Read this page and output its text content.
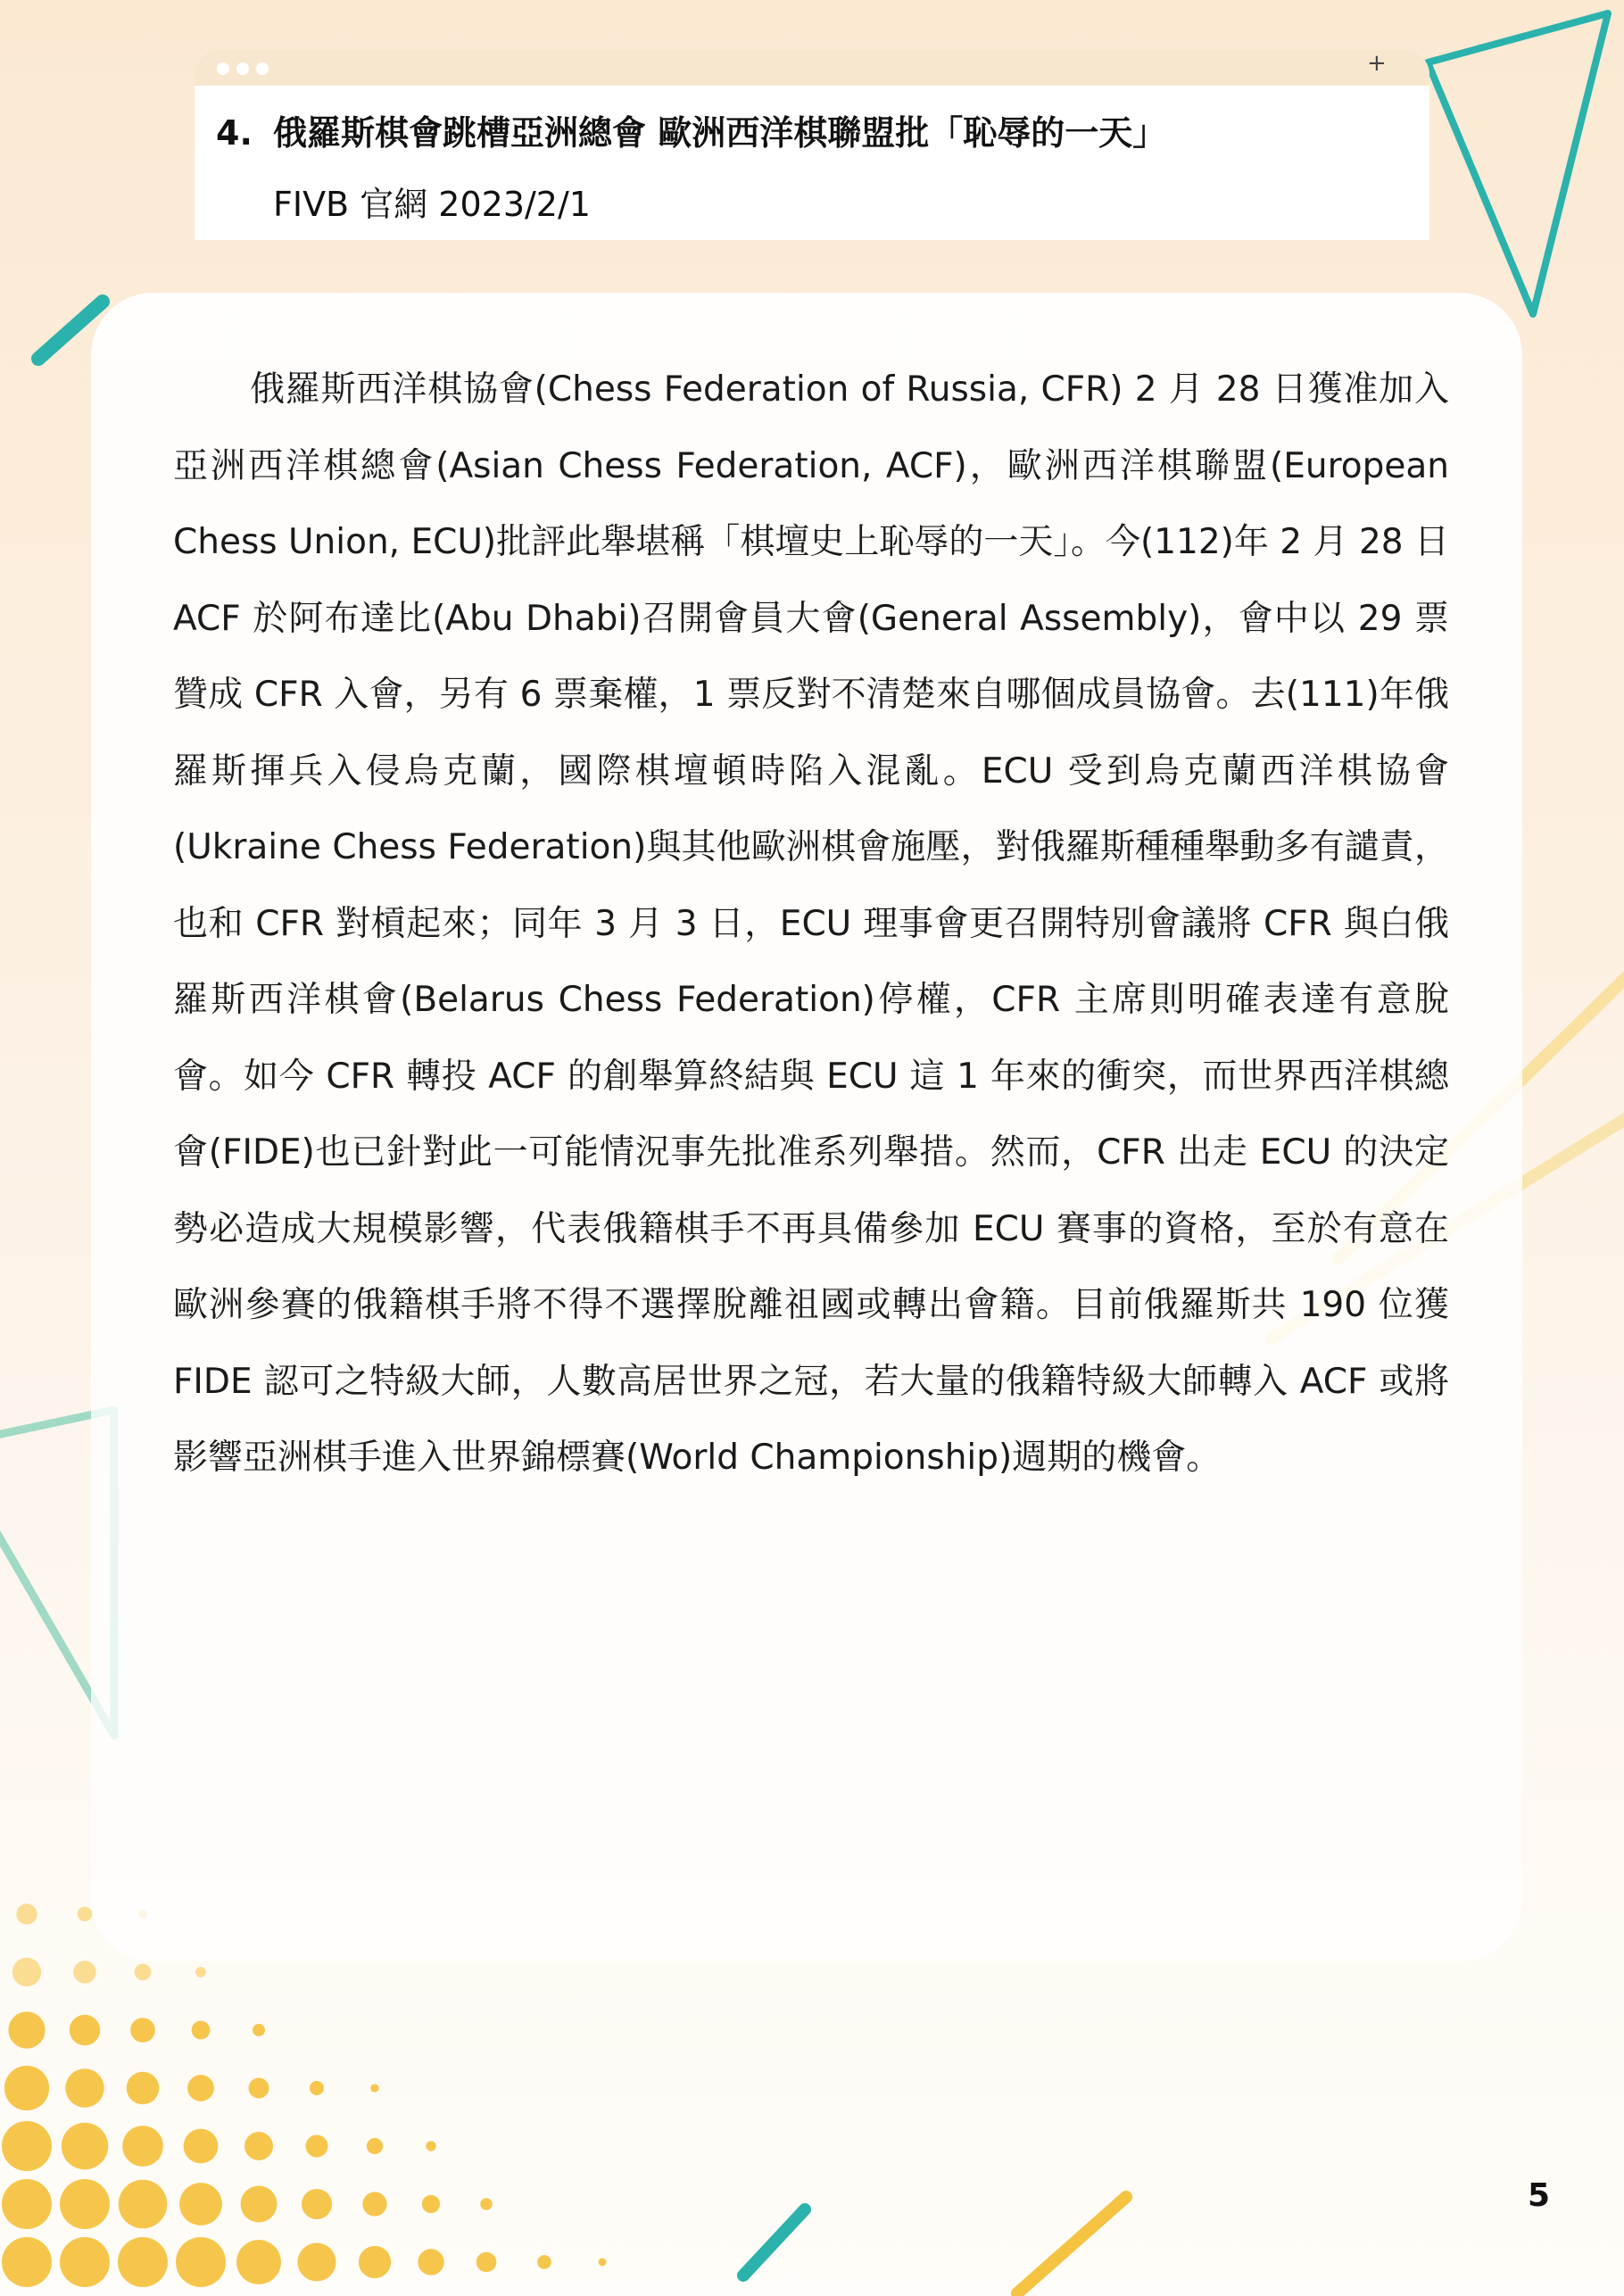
+
4. 俄羅斯棋會跳槽亞洲總會 歐洲西洋棋聯盟批「恥辱的一天」
FIVB 官網 2023/2/1
俄羅斯西洋棋協會(Chess Federation of Russia, CFR) 2 月 28 日獲准加入亞洲西洋棋總會(Asian Chess Federation, ACF)，歐洲西洋棋聯盟(European Chess Union, ECU)批評此舉堪稱「棋壇史上恥辱的一天」。今(112)年 2 月 28 日 ACF 於阿布達比(Abu Dhabi)召開會員大會(General Assembly)，會中以 29 票贊成 CFR 入會，另有 6 票棄權，1 票反對不清楚來自哪個成員協會。去(111)年俄羅斯揮兵入侵烏克蘭，國際棋壇頓時陷入混亂。ECU 受到烏克蘭西洋棋協會(Ukraine Chess Federation)與其他歐洲棋會施壓，對俄羅斯種種舉動多有譴責，也和 CFR 對槓起來；同年 3 月 3 日，ECU 理事會更召開特別會議將 CFR 與白俄羅斯西洋棋會(Belarus Chess Federation)停權，CFR 主席則明確表達有意脫會。如今 CFR 轉投 ACF 的創舉算終結與 ECU 這 1 年來的衝突，而世界西洋棋總會(FIDE)也已針對此一可能情況事先批准系列舉措。然而，CFR 出走 ECU 的決定勢必造成大規模影響，代表俄籍棋手不再具備參加 ECU 賽事的資格，至於有意在歐洲參賽的俄籍棋手將不得不選擇脫離祖國或轉出會籍。目前俄羅斯共 190 位獲 FIDE 認可之特級大師，人數高居世界之冠，若大量的俄籍特級大師轉入 ACF 或將影響亞洲棋手進入世界錦標賽(World Championship)週期的機會。
5
